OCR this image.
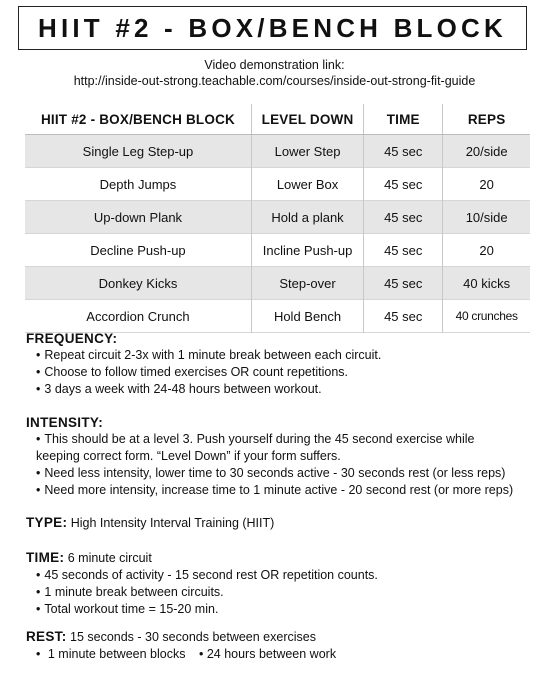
HIIT #2 - BOX/BENCH BLOCK
Video demonstration link:
http://inside-out-strong.teachable.com/courses/inside-out-strong-fit-guide
HIIT #2 - BOX/BENCH BLOCK	LEVEL DOWN	TIME	REPS
Single Leg Step-up	Lower Step	45 sec	20/side
Depth Jumps	Lower Box	45 sec	20
Up-down Plank	Hold a plank	45 sec	10/side
Decline Push-up	Incline Push-up	45 sec	20
Donkey Kicks	Step-over	45 sec	40 kicks
Accordion Crunch	Hold Bench	45 sec	40 crunches
FREQUENCY:
• Repeat circuit 2-3x with 1 minute break between each circuit.
• Choose to follow timed exercises OR count repetitions.
• 3 days a week with 24-48 hours between workout.
INTENSITY:
• This should be at a level 3. Push yourself during the 45 second exercise while keeping correct form. “Level Down” if your form suffers.
• Need less intensity, lower time to 30 seconds active - 30 seconds rest (or less reps)
• Need more intensity, increase time to 1 minute active - 20 second rest (or more reps)
TYPE: High Intensity Interval Training (HIIT)
TIME: 6 minute circuit
• 45 seconds of activity - 15 second rest OR repetition counts.
• 1 minute break between circuits.
• Total workout time = 15-20 min.
REST: 15 seconds - 30 seconds between exercises
• 1 minute between blocks • 24 hours between work
